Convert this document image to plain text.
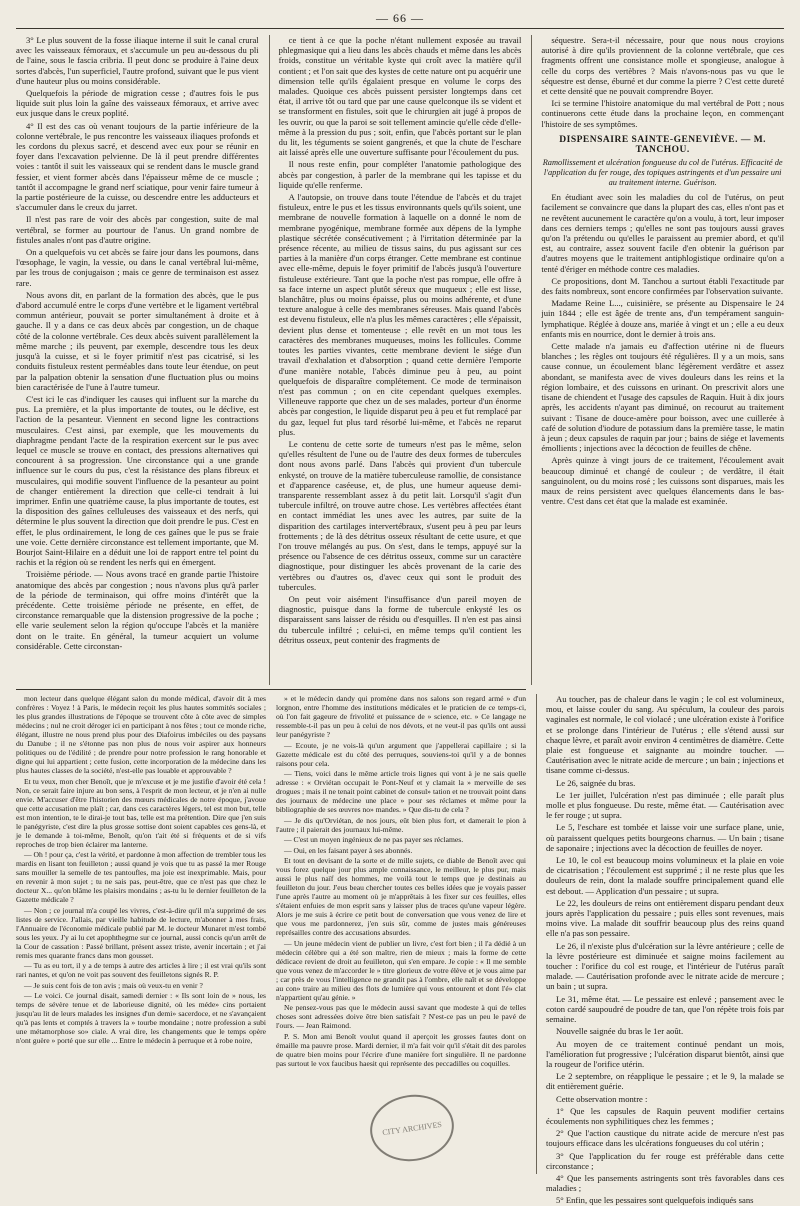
— 66 —

3° Le plus souvent de la fosse iliaque interne il suit le canal crural avec les vaisseaux fémoraux, et s'accumule un peu au-dessous du pli de l'aine, sous le fascia cribria. Il peut donc se produire à l'aine deux sortes d'abcès, l'un superficiel, l'autre profond, suivant que le pus vient d'une hauteur plus ou moins considérable.

Quelquefois la période de migration cesse ; d'autres fois le pus liquide suit plus loin la gaîne des vaisseaux fémoraux, et arrive avec eux jusque dans le creux poplité.

4° Il est des cas où venant toujours de la partie inférieure de la colonne vertébrale, le pus rencontre les vaisseaux iliaques profonds et les cordons du plexus sacré, et descend avec eux pour se réunir en foyer dans l'excavation pelvienne. De là il peut prendre différentes voies : tantôt il suit les vaisseaux qui se rendent dans le muscle grand fessier, et vient former abcès dans l'épaisseur même de ce muscle ; tantôt il accompagne le grand nerf sciatique, pour venir faire tumeur à la partie postérieure de la cuisse, ou descendre entre les adducteurs et s'accumuler dans le creux du jarret.

Il n'est pas rare de voir des abcès par congestion, suite de mal vertébral, se former au pourtour de l'anus. Un grand nombre de fistules anales n'ont pas d'autre origine.

On a quelquefois vu cet abcès se faire jour dans les poumons, dans l'œsophage, le vagin, la vessie, ou dans le canal vertébral lui-même, par les trous de conjugaison ; mais ce genre de terminaison est assez rare.

Nous avons dit, en parlant de la formation des abcès, que le pus d'abord accumulé entre le corps d'une vertèbre et le ligament vertébral commun antérieur, pouvait se porter simultanément à droite et à gauche. Il y a dans ce cas deux abcès par congestion, un de chaque côté de la colonne vertébrale. Ces deux abcès suivent parallèlement la même marche ; ils peuvent, par exemple, descendre tous les deux jusqu'à la cuisse, et si le foyer primitif n'est pas cicatrisé, si les conduits fistuleux restent perméables dans toute leur étendue, on peut par la palpation obtenir la sensation d'une fluctuation plus ou moins bien caractérisée de l'une à l'autre tumeur.

C'est ici le cas d'indiquer les causes qui influent sur la marche du pus. La première, et la plus importante de toutes, ou le déclive, est l'action de la pesanteur. Viennent en second ligne les contractions musculaires. C'est ainsi, par exemple, que les mouvements du diaphragme pendant l'acte de la respiration exercent sur le pus avec lequel ce muscle se trouve en contact, des pressions alternatives qui concourent à sa progression. Une circonstance qui a une grande influence sur le cours du pus, c'est la résistance des plans fibreux et musculaires, qui modifie souvent l'influence de la pesanteur au point de changer entièrement la direction que celle-ci tendrait à lui imprimer. Enfin une quatrième cause, la plus importante de toutes, est la disposition des gaînes celluleuses des vaisseaux et des nerfs, qui détermine le plus souvent la direction que doit prendre le pus. C'est en effet, le plus ordinairement, le long de ces gaînes que le pus se fraie une voie. Cette dernière circonstance est tellement importante, que M. Bourjot Saint-Hilaire en a déduit une loi de rapport entre tel point du rachis et la région où se rendent les nerfs qui en émergent.

Troisième période. — Nous avons tracé en grande partie l'histoire anatomique des abcès par congestion ; nous n'avons plus qu'à parler de la période de terminaison, qui offre moins d'intérêt que la précédente. Cette troisième période ne présente, en effet, de circonstance remarquable que la distension progressive de la poche ; elle varie seulement selon la région qu'occupe l'abcès et la manière dont on le traite. En général, la tumeur acquiert un volume considérable. Cette circonstan-

ce tient à ce que la poche n'étant nullement exposée au travail phlegmasique qui a lieu dans les abcès chauds et même dans les abcès froids, constitue un véritable kyste qui croît avec la matière qu'il contient ; et l'on sait que des kystes de cette nature ont pu acquérir une dimension telle qu'ils égalaient presque en volume le corps des malades. Quoique ces abcès puissent persister longtemps dans cet état, il arrive tôt ou tard que par une cause quelconque ils se vident et se transforment en fistules, soit que le chirurgien ait jugé à propos de les ouvrir, ou que la paroi se soit tellement amincie qu'elle cède d'elle-même à la pression du pus ; soit, enfin, que l'abcès portant sur le plan du lit, les téguments se soient gangrenés, et que la chute de l'eschare ait laissé après elle une ouverture suffisante pour l'écoulement du pus.

Il nous reste enfin, pour compléter l'anatomie pathologique des abcès par congestion, à parler de la membrane qui les tapisse et du liquide qu'elle renferme.

A l'autopsie, on trouve dans toute l'étendue de l'abcès et du trajet fistuleux, entre le pus et les tissus environnants quels qu'ils soient, une membrane de nouvelle formation à laquelle on a donné le nom de membrane pyogénique, membrane formée aux dépens de la lymphe plastique sécrétée consécutivement ; à l'irritation déterminée par la présence récente, au milieu de tissus sains, du pus agissant sur ces parties à la manière d'un corps étranger. Cette membrane est continue avec elle-même, depuis le foyer primitif de l'abcès jusqu'à l'ouverture fistuleuse extérieure. Tant que la poche n'est pas rompue, elle offre à sa face interne un aspect plutôt séreux que muqueux ; elle est lisse, blanchâtre, plus ou moins épaisse, plus ou moins adhérente, et d'une texture analogue à celle des membranes séreuses. Mais quand l'abcès est devenu fistuleux, elle n'a plus les mêmes caractères ; elle s'épaissit, devient plus dense et tomenteuse ; elle revêt en un mot tous les caractères des membranes muqueuses, moins les follicules. Comme toutes les parties vivantes, cette membrane devient le siége d'un travail d'exhalation et d'absorption ; quand cette dernière l'emporte d'une manière notable, l'abcès diminue peu à peu, au point quelquefois de disparaître complétement. Ce mode de terminaison n'est pas commun ; on en cite cependant quelques exemples. Villeneuve rapporte que chez un de ses malades, porteur d'un énorme abcès par congestion, le liquide disparut peu à peu et fut remplacé par du gaz, lequel fut plus tard résorbé lui-même, et l'abcès ne reparut plus.

Le contenu de cette sorte de tumeurs n'est pas le même, selon qu'elles résultent de l'une ou de l'autre des deux formes de tubercules dont nous avons parlé. Dans l'abcès qui provient d'un tubercule enkysté, on trouve de la matière tuberculeuse ramollie, de consistance et d'apparence caséeuse, et, de plus, une humeur aqueuse demi-transparente ressemblant assez à du petit lait. Lorsqu'il s'agit d'un tubercule infiltré, on trouve autre chose. Les vertèbres affectées étant en contact immédiat les unes avec les autres, par suite de la disparition des cartilages intervertébraux, s'usent peu à peu par leurs frottements ; de là des détritus osseux résultant de cette usure, et que l'on trouve mélangés au pus. On s'est, dans le temps, appuyé sur la présence ou l'absence de ces détritus osseux, comme sur un caractère diagnostique, pour distinguer les abcès provenant de la carie des vertèbres ou d'autres os, d'avec ceux qui sont le produit des tubercules.

On peut voir aisément l'insuffisance d'un pareil moyen de diagnostic, puisque dans la forme de tubercule enkysté les os disparaissent sans laisser de résidu ou d'esquilles. Il n'en est pas ainsi du tubercule infiltré ; celui-ci, en même temps qu'il contient les détritus osseux, peut contenir des fragments de

séquestre. Sera-t-il nécessaire, pour que nous nous croyions autorisé à dire qu'ils proviennent de la colonne vertébrale, que ces fragments offrent une consistance molle et spongieuse, analogue à celle du corps des vertèbres ? Mais n'avons-nous pas vu que le séquestre est dense, éburné et dur comme la pierre ? C'est cette dureté et cette densité que ne pouvait comprendre Boyer.

Ici se termine l'histoire anatomique du mal vertébral de Pott ; nous continuerons cette étude dans la prochaine leçon, en commençant l'histoire de ses symptômes.

DISPENSAIRE SAINTE-GENEVIÈVE. — M. TANCHOU.
Ramollissement et ulcération fongueuse du col de l'utérus. Efficacité de l'application du fer rouge, des topiques astringents et d'un pessaire uni au traitement interne. Guérison.

En étudiant avec soin les maladies du col de l'utérus, on peut facilement se convaincre que dans la plupart des cas, elles n'ont pas et ne revêtent aucunement le caractère qu'on a voulu, à tort, leur imposer dans ces derniers temps ; qu'elles ne sont pas toujours aussi graves qu'on l'a prétendu ou qu'elles le paraissent au premier abord, et qu'il est, au contraire, assez souvent facile d'en obtenir la guérison par d'autres moyens que le traitement antiphlogistique ordinaire qu'on a tenté d'ériger en méthode contre ces maladies.

Ce propositions, dont M. Tanchou a surtout établi l'exactitude par des faits nombreux, sont encore confirmées par l'observation suivante.

Madame Reine L..., cuisinière, se présente au Dispensaire le 24 juin 1844 ; elle est âgée de trente ans, d'un tempérament sanguin-lymphatique. Réglée à douze ans, mariée à vingt et un ; elle a eu deux enfants mis en nourrice, dont le dernier à trois ans.

Cette malade n'a jamais eu d'affection utérine ni de flueurs blanches ; les règles ont toujours été régulières. Il y a un mois, sans cause connue, un écoulement blanc légèrement verdâtre et assez abondant, se manifesta avec de vives douleurs dans les reins et la région lombaire, et des cuissons en urinant. On prescrivit alors une tisane de chiendent et l'usage des capsules de Raquin. Huit à dix jours après, les accidents n'ayant pas diminué, on recourut au traitement suivant : Tisane de douce-amère pour boisson, avec une cuillerée à café de solution d'iodure de potassium dans la première tasse, le matin à jeun ; deux capsules de raquin par jour ; bains de siége et lavements émollients ; injections avec la décoction de feuilles de chêne.

Après quinze à vingt jours de ce traitement, l'écoulement avait beaucoup diminué et changé de couleur ; de verdâtre, il était sanguinolent, ou du moins rosé ; les cuissons sont disparues, mais les maux de reins persistent avec quelques élancements dans le bas-ventre. C'est dans cet état que la malade est examinée.

mon lecteur dans quelque élégant salon du monde médical, d'avoir dit à mes confrères : Voyez ! à Paris, le médecin reçoit les plus hautes sommités sociales ; les plus grandes illustrations de l'époque se trouvent côte à côte avec de simples médecins ; nul ne croit déroger ici en participant à nos fêtes ; tout ce monde riche, élégant, illustre ne nous prend plus pour des Diafoirus imbéciles ou des paysans du Danube ; il ne s'étonne pas non plus de nous voir aspirer aux honneurs politiques ou de l'édilité ; de prendre pour notre profession le rang honorable et digne qui lui appartient ; cette fusion, cette incorporation de la médecine dans les plus hautes classes de la société, n'est-elle pas louable et approuvable ?

Et tu veux, mon cher Benoît, que je m'excuse et je me justifie d'avoir été cela ! Non, ce serait faire injure au bon sens, à l'esprit de mon lecteur, et je n'en ai nulle envie. M'accuser d'être l'historien des mœurs médicales de notre époque, j'avoue que cette accusation me plaît ; car, dans ces caractères légers, tel est mon but, telle est mon intention, te le dirai-je tout bas, telle est ma prétention. Dire que j'en suis le panégyriste, c'est dire la plus grosse sottise dont soient capables ces gens-là, et je le demande à toi-même, Benoît, qu'on t'ait été si fréquents et de si vifs reproches de trop bien éclairer ma lanterne.

— Oh ! pour ça, c'est la vérité, et pardonne à mon affection de trembler tous les mardis en lisant ton feuilleton ; aussi quand je vois que tu as passé la mer Rouge sans mouiller la semelle de tes pantoufles, ma joie est inexprimable. Mais, pour en revenir à mon sujet ; tu ne sais pas, peut-être, que ce n'est pas que chez le docteur X... qu'on blâme les plaisirs mondains ; as-tu lu le dernier feuilleton de la Gazette médicale ?

— Non ; ce journal m'a coupé les vivres, c'est-à-dire qu'il m'a supprimé de ses listes de service. J'allais, par vieille habitude de lecture, m'abonner à mes frais, l'Annuaire de l'économie médicale publié par M. le docteur Munaret m'est tombé sous les yeux. J'y ai lu cet apophthegme sur ce journal, aussi concis qu'un arrêt de la Cour de cassation : Passé brillant, présent assez triste, avenir incertain ; et j'ai remis mes quarante francs dans mon gousset.

— Tu as eu tort, il y a de temps à autre des articles à lire ; il est vrai qu'ils sont rari nantes, et qu'on ne voit pas souvent des feuilletons signés R. P.

— Je suis cent fois de ton avis ; mais où veux-tu en venir ?

— Le voici. Ce journal disait, samedi dernier : « Ils sont loin de » nous, les temps de sévère tenue et de laborieuse dignité, où les méde» cins portaient jusqu'au lit de leurs malades les insignes d'un demi» sacerdoce, et ne s'avançaient qu'à pas lents et comptés à travers la » tourbe mondaine ; notre profession a subi une métamorphose so» ciale. A vrai dire, les changements que le temps opère n'ont guère » porté que sur elle ... Entre le médecin à perruque et à robe noire,

» et le médecin dandy qui promène dans nos salons son regard armé » d'un lorgnon, entre l'homme des institutions médicales et le praticien de ce temps-ci, où l'on fait gageure de frivolité et puissance de » science, etc. » Ce langage ne ressemble-t-il pas un peu à celui de nos dévots, et ne veut-il pas qu'ils ont aussi leur panégyriste ?

— Ecoute, je ne vois-là qu'un argument que j'appellerai capillaire ; si la Gazette médicale est du côté des perruques, souviens-toi qu'il y a de bonnes raisons pour cela.

— Tiens, voici dans le même article trois lignes qui vont à je ne sais quelle adresse : « Orviétan occupait le Pont-Neuf et y clamait la » merveille de ses drogues ; mais il ne tenait point cabinet de consul» tation et ne trouvait point dans des journaux de médecine une place » pour ses réclames et même pour la bibliographie de ses œuvres no» mandes. » Que dis-tu de cela ?

— Je dis qu'Orviétan, de nos jours, eût bien plus fort, et damerait le pion à l'autre ; il paierait des journaux lui-même.

— C'est un moyen ingénieux de ne pas payer ses réclames.

— Oui, en les faisant payer à ses abonnés.

Et tout en devisant de la sorte et de mille sujets, ce diable de Benoît avec qui vous forez quelque jour plus ample connaissance, le meilleur, le plus pur, mais aussi le plus naïf des hommes, me voilà tout le temps que je destinais au feuilleton du jour. J'eus beau chercher toutes ces belles idées que je voyais passer l'une après l'autre au moment où je m'apprêtais à les fixer sur ces feuilles, elles s'étaient enfuies de mon esprit sans y laisser plus de traces qu'une vapeur légère. Alors je me suis à écrire ce petit bout de conversation que vous venez de lire et que vous me pardonnerez, j'en suis sûr, comme de justes mais généreuses représailles contre des accusations absurdes.

— Un jeune médecin vient de publier un livre, c'est fort bien ; il l'a dédié à un médecin célèbre qui a été son maître, rien de mieux ; mais la forme de cette dédicace revient de droit au feuilleton, qui s'en empare. Je copie : « Il me semble que vous venez de m'accorder le » titre glorieux de votre élève et je vous aime par ; car près de vous l'intelligence ne grandit pas à l'ombre, elle naît et se développe au con» traire au milieu des flots de lumière qui vous entourent et dont l'é» clat n'appartient qu'au génie. »

Ne pensez-vous pas que le médecin aussi savant que modeste à qui de telles choses sont adressées doive être bien satisfait ? N'est-ce pas un peu le pavé de l'ours. — Jean Raimond.

P. S. Mon ami Benoît voulut quand il aperçoit les grosses fautes dont on émaille ma pauvre prose. Mardi dernier, il m'a fait voir qu'il s'était dit des paroles de quatre bien moins pour l'écrire d'une manière fort singulière. Il ne pardonne pas surtout le vox faucibus haesit qui représente des peccadilles ou coquilles.

Au toucher, pas de chaleur dans le vagin ; le col est volumineux, mou, et laisse couler du sang. Au spéculum, la couleur des parois vaginales est normale, le col violacé ; une ulcération existe à l'orifice et se prolonge dans l'intérieur de l'utérus ; elle s'étend aussi sur chaque lèvre, et paraît avoir environ 4 centimètres de diamètre. Cette plaie est fongueuse et saignante au moindre toucher. — Cautérisation avec le nitrate acide de mercure ; un bain ; injections et tisane comme ci-dessus.

Le 26, saignée du bras.

Le 1er juillet, l'ulcération n'est pas diminuée ; elle paraît plus molle et plus fongueuse. Du reste, même état. — Cautérisation avec le fer rouge ; ut supra.

Le 5, l'eschare est tombée et laisse voir une surface plane, unie, où paraissent quelques petits bourgeons charnus. — Un bain ; tisane de saponaire ; injections avec la décoction de feuilles de noyer.

Le 10, le col est beaucoup moins volumineux et la plaie en voie de cicatrisation ; l'écoulement est supprimé ; il ne reste plus que les douleurs de rein, dont la malade souffre principalement quand elle est debout. — Application d'un pessaire ; ut supra.

Le 22, les douleurs de reins ont entièrement disparu pendant deux jours après l'application du pessaire ; puis elles sont revenues, mais moins vive. La malade dit souffrir beaucoup plus des reins quand elle n'a pas son pessaire.

Le 26, il n'existe plus d'ulcération sur la lèvre antérieure ; celle de la lèvre postérieure est diminuée et saigne moins facilement au toucher : l'orifice du col est rouge, et l'intérieur de l'utérus paraît malade. — Cautérisation profonde avec le nitrate acide de mercure ; un bain ; ut supra.

Le 31, même état. — Le pessaire est enlevé ; pansement avec le coton cardé saupoudré de poudre de tan, que l'on répète trois fois par semaine.

Nouvelle saignée du bras le 1er août.

Au moyen de ce traitement continué pendant un mois, l'amélioration fut progressive ; l'ulcération disparut bientôt, ainsi que la rougeur de l'orifice utérin.

Le 2 septembre, on réapplique le pessaire ; et le 9, la malade se dit entièrement guérie.

Cette observation montre :

1° Que les capsules de Raquin peuvent modifier certains écoulements non syphilitiques chez les femmes ;

2° Que l'action caustique du nitrate acide de mercure n'est pas toujours efficace dans les ulcérations fongueuses du col utérin ;

3° Que l'application du fer rouge est préférable dans cette circonstance ;

4° Que les pansements astringents sont très favorables dans ces maladies ;

5° Enfin, que les pessaires sont quelquefois indiqués sans

CITY ARCHIVES
